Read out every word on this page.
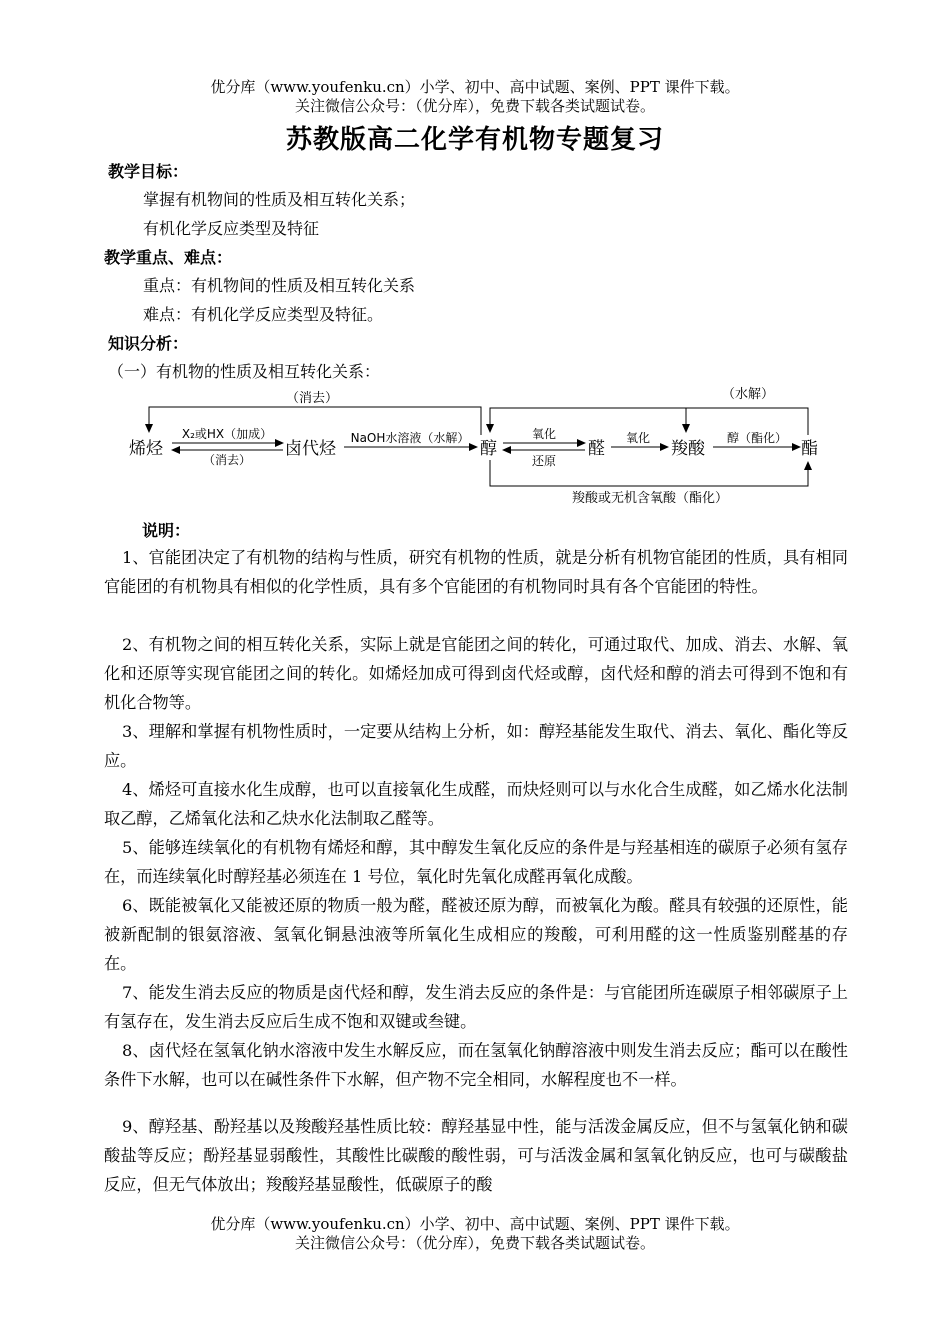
优分库（www.youfenku.cn）小学、初中、高中试题、案例、PPT 课件下载。
关注微信公众号：（优分库），免费下载各类试题试卷。
苏教版高二化学有机物专题复习
教学目标：
掌握有机物间的性质及相互转化关系；
有机化学反应类型及特征
教学重点、难点：
重点：有机物间的性质及相互转化关系
难点：有机化学反应类型及特征。
知识分析：
（一）有机物的性质及相互转化关系：
（消去）
X₂或HX（加成）
（消去）
NaOH水溶液（水解）	氧化
还原
氧化	醇（酯化）
（水解）
羧酸或无机含氧酸（酯化）
烯烃	卤代烃	醇	醛	羧酸	酯
说明：
1、官能团决定了有机物的结构与性质，研究有机物的性质，就是分析有机物官能团的性质，具有相同官能团的有机物具有相似的化学性质，具有多个官能团的有机物同时具有各个官能团的特性。
2、有机物之间的相互转化关系，实际上就是官能团之间的转化，可通过取代、加成、消去、水解、氧化和还原等实现官能团之间的转化。如烯烃加成可得到卤代烃或醇，卤代烃和醇的消去可得到不饱和有机化合物等。
3、理解和掌握有机物性质时，一定要从结构上分析，如：醇羟基能发生取代、消去、氧化、酯化等反应。
4、烯烃可直接水化生成醇，也可以直接氧化生成醛，而炔烃则可以与水化合生成醛，如乙烯水化法制取乙醇，乙烯氧化法和乙炔水化法制取乙醛等。
5、能够连续氧化的有机物有烯烃和醇，其中醇发生氧化反应的条件是与羟基相连的碳原子必须有氢存在，而连续氧化时醇羟基必须连在 1 号位，氧化时先氧化成醛再氧化成酸。
6、既能被氧化又能被还原的物质一般为醛，醛被还原为醇，而被氧化为酸。醛具有较强的还原性，能被新配制的银氨溶液、氢氧化铜悬浊液等所氧化生成相应的羧酸，可利用醛的这一性质鉴别醛基的存在。
7、能发生消去反应的物质是卤代烃和醇，发生消去反应的条件是：与官能团所连碳原子相邻碳原子上有氢存在，发生消去反应后生成不饱和双键或叁键。
8、卤代烃在氢氧化钠水溶液中发生水解反应，而在氢氧化钠醇溶液中则发生消去反应；酯可以在酸性条件下水解，也可以在碱性条件下水解，但产物不完全相同，水解程度也不一样。
9、醇羟基、酚羟基以及羧酸羟基性质比较：醇羟基显中性，能与活泼金属反应，但不与氢氧化钠和碳酸盐等反应；酚羟基显弱酸性，其酸性比碳酸的酸性弱，可与活泼金属和氢氧化钠反应，也可与碳酸盐反应，但无气体放出；羧酸羟基显酸性，低碳原子的酸
优分库（www.youfenku.cn）小学、初中、高中试题、案例、PPT 课件下载。
关注微信公众号：（优分库），免费下载各类试题试卷。
